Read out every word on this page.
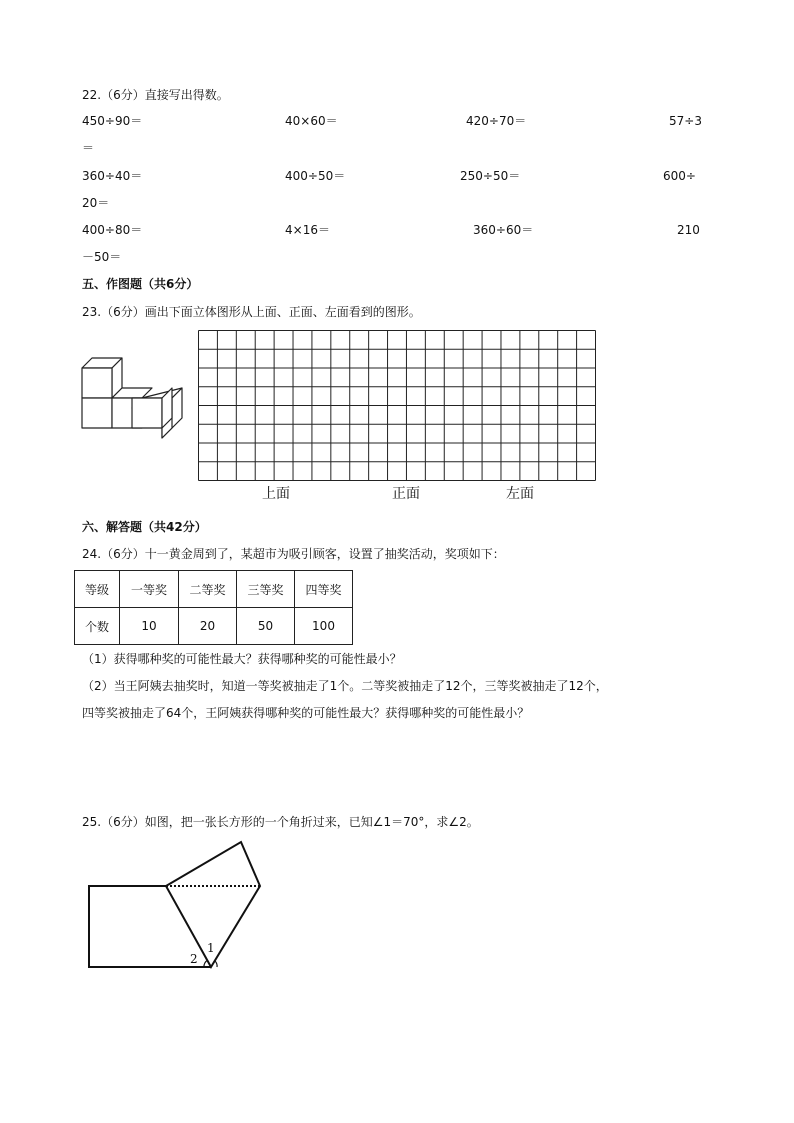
22.（6分）直接写出得数。
450÷90＝	40×60＝	420÷70＝	57÷3
＝
360÷40＝	400÷50＝	250÷50＝	600÷
20＝
400÷80＝	4×16＝	360÷60＝	210
－50＝
五、作图题（共6分）
23.（6分）画出下面立体图形从上面、正面、左面看到的图形。
上面	正面	左面
六、解答题（共42分）
24.（6分）十一黄金周到了，某超市为吸引顾客，设置了抽奖活动，奖项如下：
等级	一等奖	二等奖	三等奖	四等奖
个数	10	20	50	100
（1）获得哪种奖的可能性最大？获得哪种奖的可能性最小？
（2）当王阿姨去抽奖时，知道一等奖被抽走了1个。二等奖被抽走了12个，三等奖被抽走了12个，
四等奖被抽走了64个，王阿姨获得哪种奖的可能性最大？获得哪种奖的可能性最小？
25.（6分）如图，把一张长方形的一个角折过来，已知∠1＝70°，求∠2。
1
2
